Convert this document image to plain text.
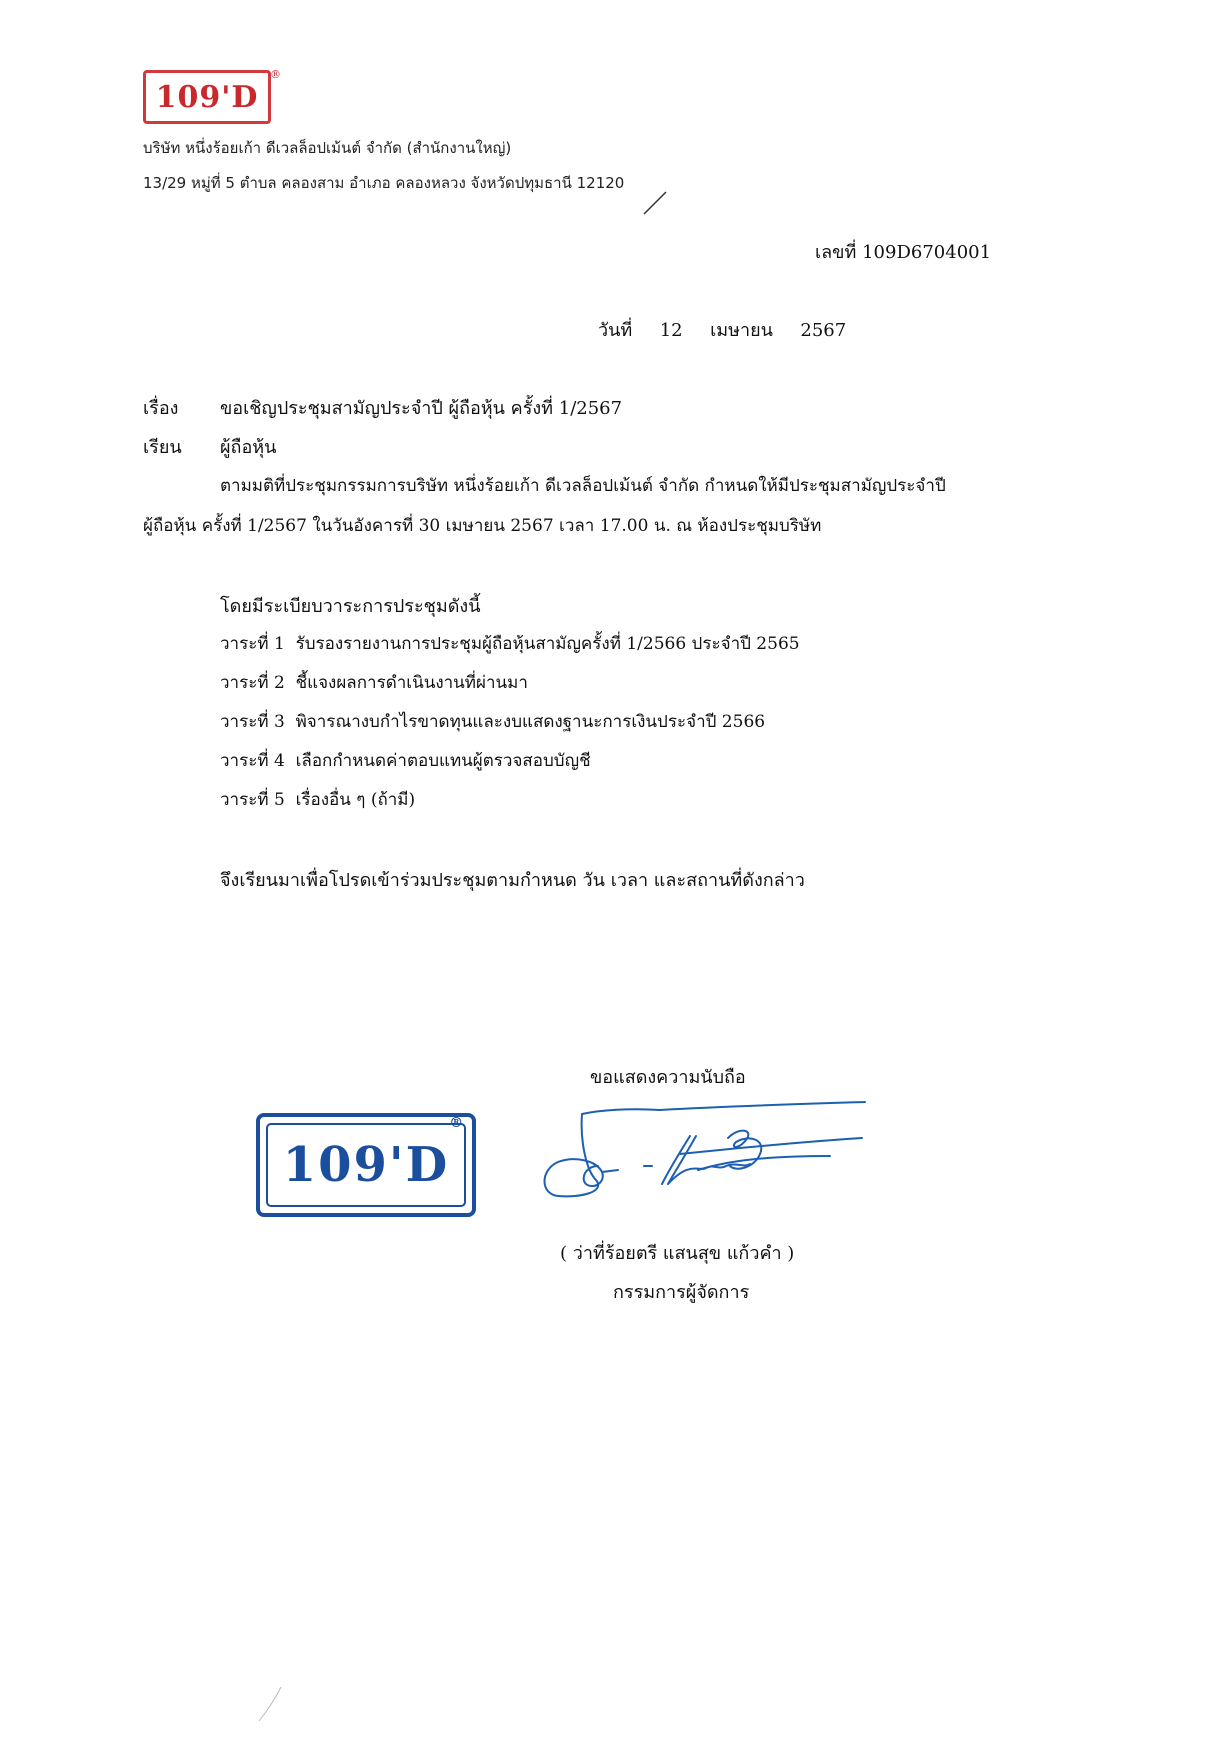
109'D
®
บริษัท หนึ่งร้อยเก้า ดีเวลล็อปเม้นต์ จำกัด (สำนักงานใหญ่)
13/29 หมู่ที่ 5 ตำบล คลองสาม อำเภอ คลองหลวง จังหวัดปทุมธานี 12120
เลขที่ 109D6704001
วันที่ 12 เมษายน 2567
เรื่อง ขอเชิญประชุมสามัญประจำปี ผู้ถือหุ้น ครั้งที่ 1/2567
เรียน ผู้ถือหุ้น
ตามมติที่ประชุมกรรมการบริษัท หนึ่งร้อยเก้า ดีเวลล็อปเม้นต์ จำกัด กำหนดให้มีประชุมสามัญประจำปี
ผู้ถือหุ้น ครั้งที่ 1/2567 ในวันอังคารที่ 30 เมษายน 2567 เวลา 17.00 น. ณ ห้องประชุมบริษัท
โดยมีระเบียบวาระการประชุมดังนี้
วาระที่ 1 รับรองรายงานการประชุมผู้ถือหุ้นสามัญครั้งที่ 1/2566 ประจำปี 2565
วาระที่ 2 ชี้แจงผลการดำเนินงานที่ผ่านมา
วาระที่ 3 พิจารณางบกำไรขาดทุนและงบแสดงฐานะการเงินประจำปี 2566
วาระที่ 4 เลือกกำหนดค่าตอบแทนผู้ตรวจสอบบัญชี
วาระที่ 5 เรื่องอื่น ๆ (ถ้ามี)
จึงเรียนมาเพื่อโปรดเข้าร่วมประชุมตามกำหนด วัน เวลา และสถานที่ดังกล่าว
ขอแสดงความนับถือ
109'D
®
( ว่าที่ร้อยตรี แสนสุข แก้วคำ )
กรรมการผู้จัดการ
